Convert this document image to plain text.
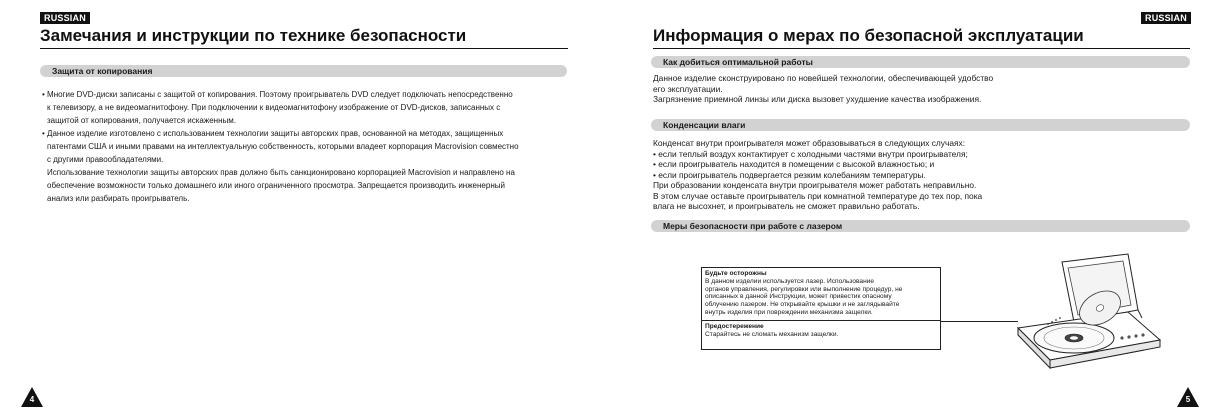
RUSSIAN
Замечания и инструкции по технике безопасности
Защита от копирования

• Многие DVD-диски записаны с защитой от копирования. Поэтому проигрыватель DVD следует подключать непосредственно

к телевизору, а не видеомагнитофону. При подключении к видеомагнитофону изображение от DVD-дисков, записанных с

защитой от копирования, получается искаженным.

• Данное изделие изготовлено с использованием технологии защиты авторских прав, основанной на методах, защищенных

патентами США и иными правами на интеллектуальную собственность, которыми владеет корпорация Macrovision совместно

с другими правообладателями.

Использование технологии защиты авторских прав должно быть санкционировано корпорацией Macrovision и направлено на

обеспечение возможности только домашнего или иного ограниченного просмотра. Запрещается производить инженерный

анализ или разбирать проигрыватель.

4
RUSSIAN
Информация о мерах по безопасной эксплуатации
Как добиться оптимальной работы

Данное изделие сконструировано по новейшей технологии, обеспечивающей удобство

его эксплуатации.

Загрязнение приемной линзы или диска вызовет ухудшение качества изображения.

Конденсации влаги

Конденсат внутри проигрывателя может образовываться в следующих случаях:

• если теплый воздух контактирует с холодными частями внутри проигрывателя;

• если проигрыватель находится в помещении с высокой влажностью; и

• если проигрыватель подвергается резким колебаниям температуры.

При образовании конденсата внутри проигрывателя может работать неправильно.

В этом случае оставьте проигрыватель при комнатной температуре до тех пор, пока

влага не высохнет, и проигрыватель не сможет правильно работать.

Меры безопасности при работе с лазером

Будьте осторожны

В данном изделии используется лазер. Использование

органов управления, регулировки или выполнение процедур, не

описанных в данной Инструкции, может привестик опасному

облучению лазером. Не открывайте крышки и не заглядывайте

внутрь изделия при повреждении механизма защелки.

Предостережение

Старайтесь не сломать механизм защелки.

5
